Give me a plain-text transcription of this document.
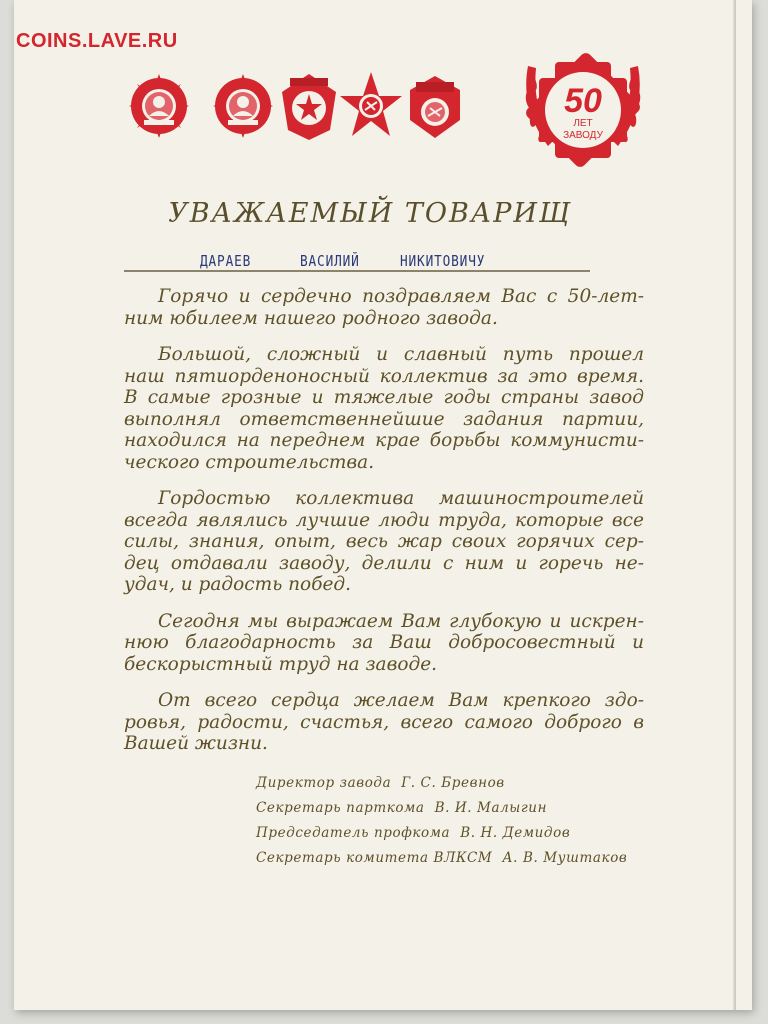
COINS.LAVE.RU
50
ЛЕТ
ЗАВОДУ
УВАЖАЕМЫЙ ТОВАРИЩ
ДАРАЕВ	ВАСИЛИЙ	НИКИТОВИЧУ
Горячо и сердечно поздравляем Вас с 50-лет-
ним юбилеем нашего родного завода.
Большой, сложный и славный путь прошел
наш пятиорденоносный коллектив за это время.
В самые грозные и тяжелые годы страны завод
выполнял ответственнейшие задания партии,
находился на переднем крае борьбы коммунисти-
ческого строительства.
Гордостью коллектива машиностроителей
всегда являлись лучшие люди труда, которые все
силы, знания, опыт, весь жар своих горячих сер-
дец отдавали заводу, делили с ним и горечь не-
удач, и радость побед.
Сегодня мы выражаем Вам глубокую и искрен-
нюю благодарность за Ваш добросовестный и
бескорыстный труд на заводе.
От всего сердца желаем Вам крепкого здо-
ровья, радости, счастья, всего самого доброго в
Вашей жизни.
Директор завода Г. С. Бревнов
Секретарь парткома В. И. Малыгин
Председатель профкома В. Н. Демидов
Секретарь комитета ВЛКСМ А. В. Муштаков
